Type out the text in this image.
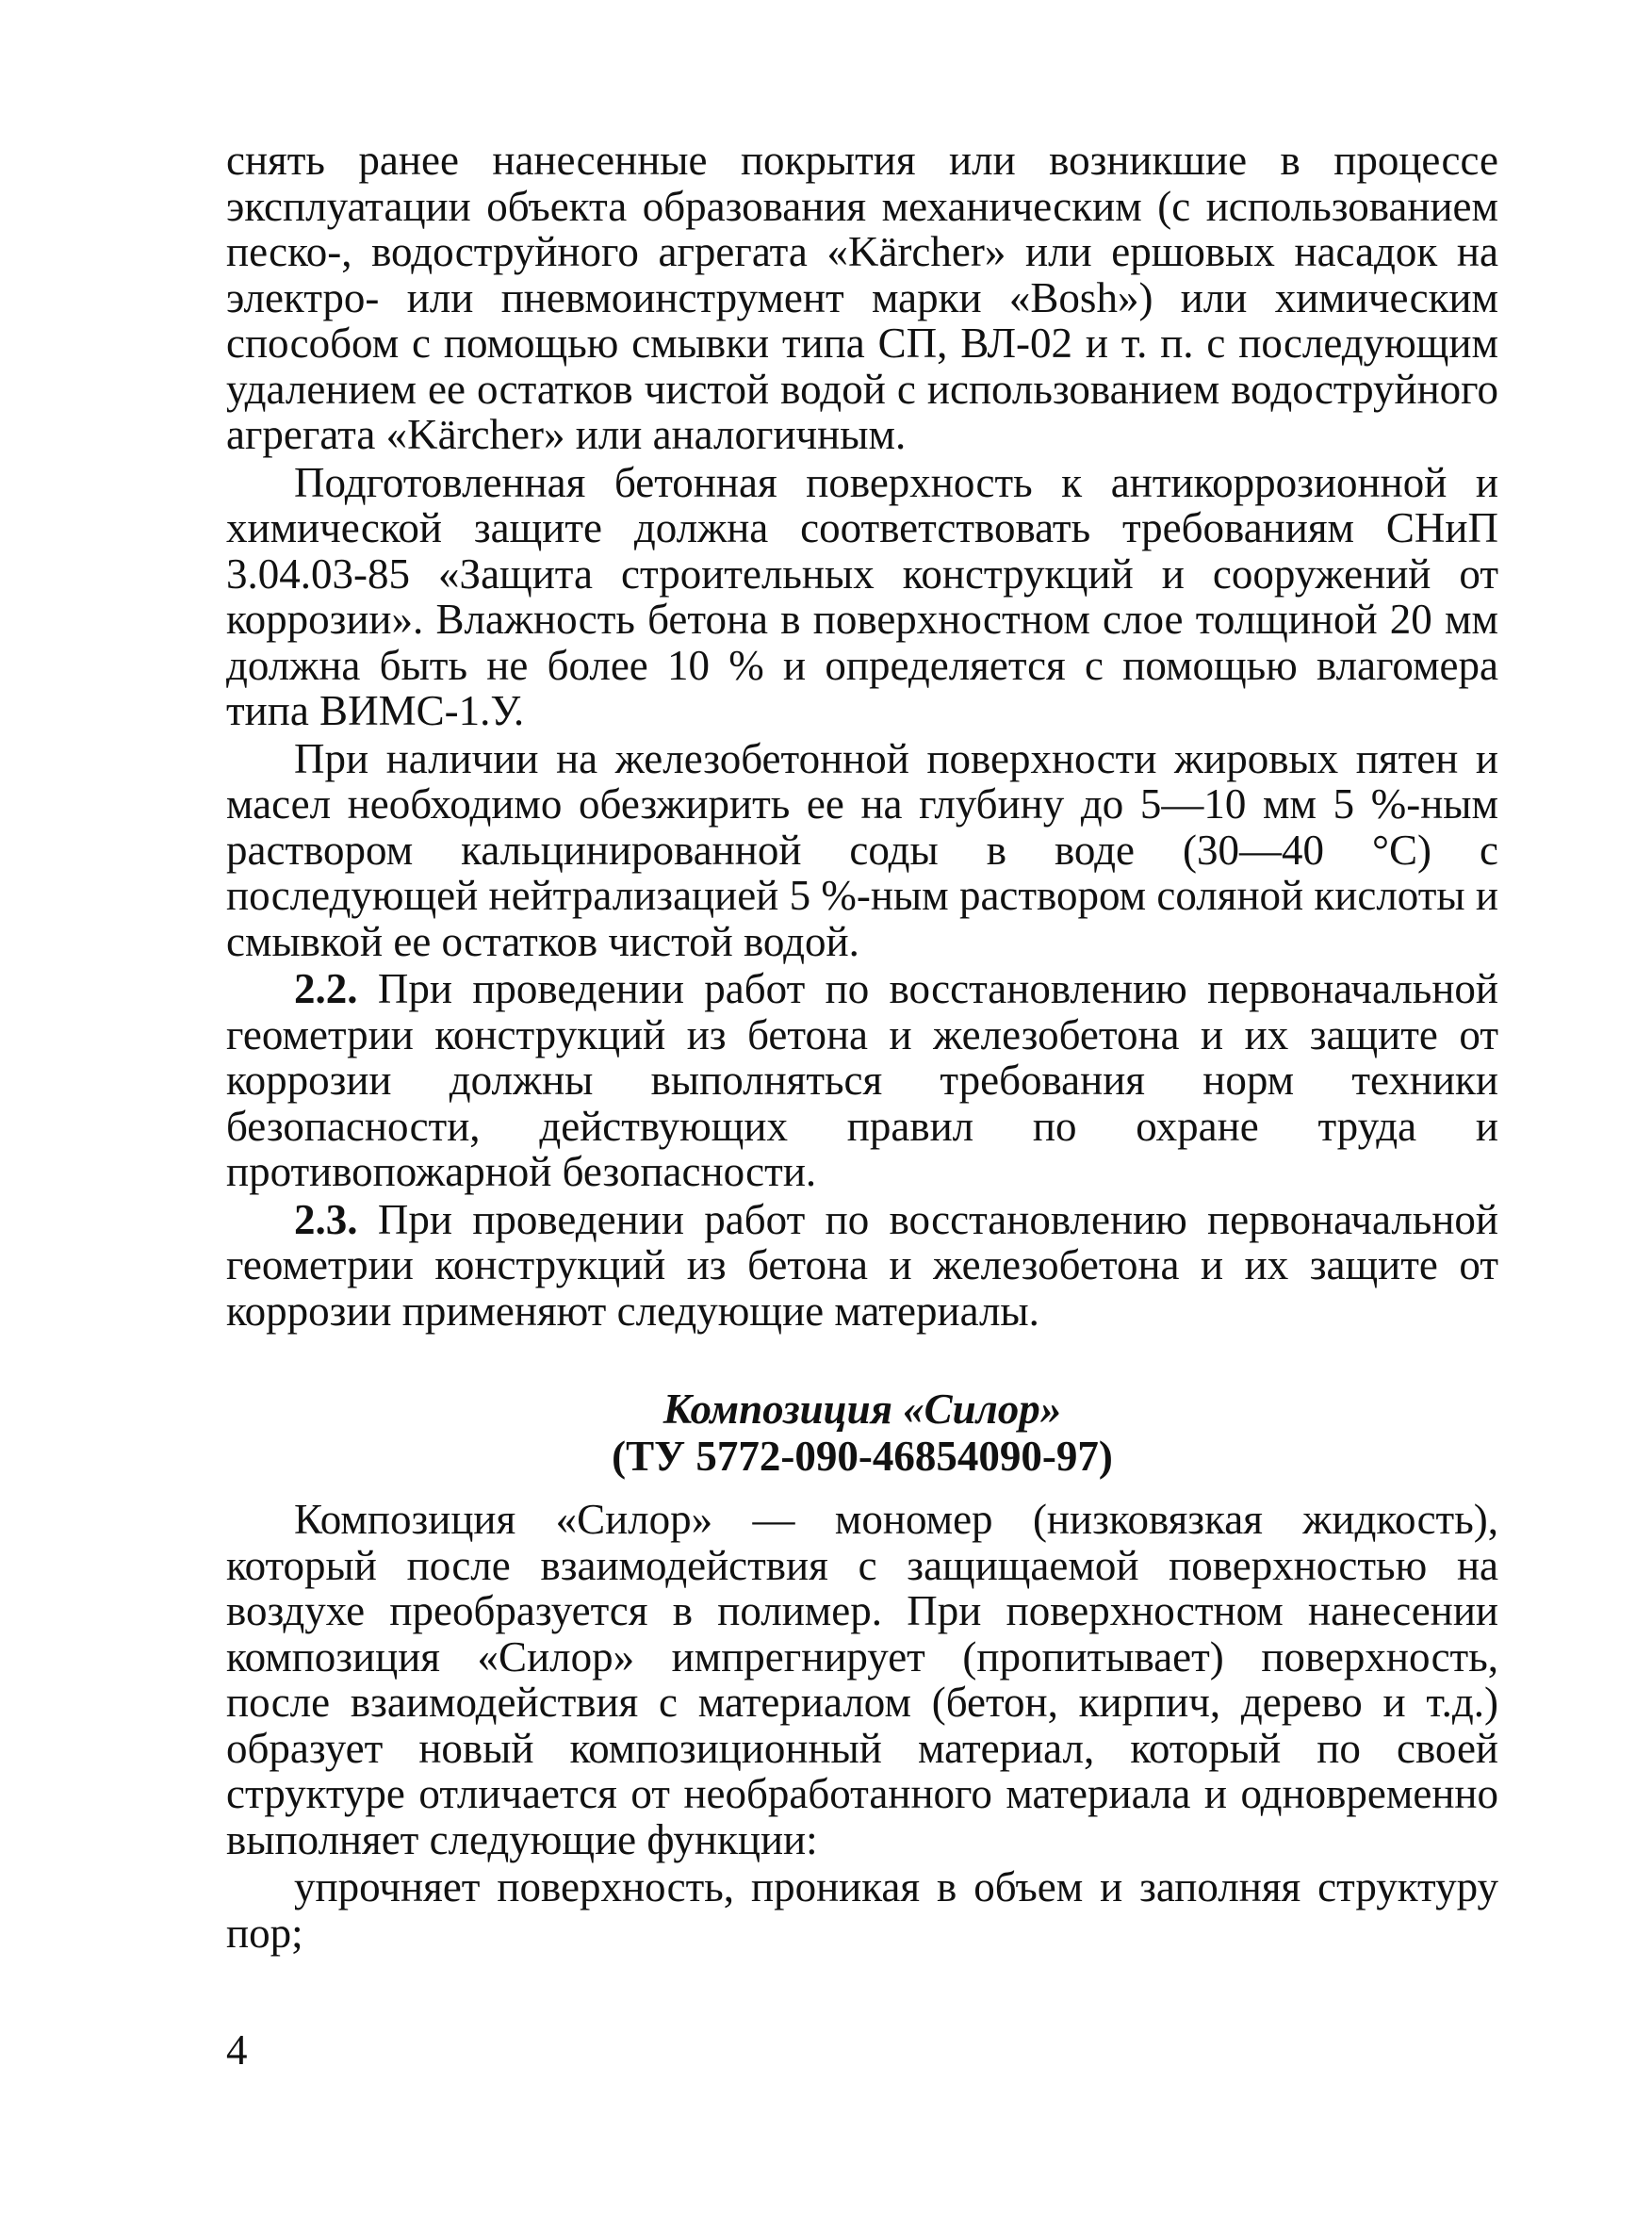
снять ранее нанесенные покрытия или возникшие в процессе эксплуатации объекта образования механическим (с использованием песко-, водоструйного агрегата «Kärcher» или ершовых насадок на электро- или пневмоинструмент марки «Bosh») или химическим способом с помощью смывки типа СП, ВЛ-02 и т. п. с последующим удалением ее остатков чистой водой с использованием водоструйного агрегата «Kärcher» или аналогичным.

Подготовленная бетонная поверхность к антикоррозионной и химической защите должна соответствовать требованиям СНиП 3.04.03-85 «Защита строительных конструкций и сооружений от коррозии». Влажность бетона в поверхностном слое толщиной 20 мм должна быть не более 10 % и определяется с помощью влагомера типа ВИМС-1.У.

При наличии на железобетонной поверхности жировых пятен и масел необходимо обезжирить ее на глубину до 5—10 мм 5 %-ным раствором кальцинированной соды в воде (30—40 °С) с последующей нейтрализацией 5 %-ным раствором соляной кислоты и смывкой ее остатков чистой водой.

2.2. При проведении работ по восстановлению первоначальной геометрии конструкций из бетона и железобетона и их защите от коррозии должны выполняться требования норм техники безопасности, действующих правил по охране труда и противопожарной безопасности.

2.3. При проведении работ по восстановлению первоначальной геометрии конструкций из бетона и железобетона и их защите от коррозии применяют следующие материалы.

Композиция «Силор»
(ТУ 5772-090-46854090-97)

Композиция «Силор» — мономер (низковязкая жидкость), который после взаимодействия с защищаемой поверхностью на воздухе преобразуется в полимер. При поверхностном нанесении композиция «Силор» импрегнирует (пропитывает) поверхность, после взаимодействия с материалом (бетон, кирпич, дерево и т.д.) образует новый композиционный материал, который по своей структуре отличается от необработанного материала и одновременно выполняет следующие функции:

упрочняет поверхность, проникая в объем и заполняя структуру пор;

4
